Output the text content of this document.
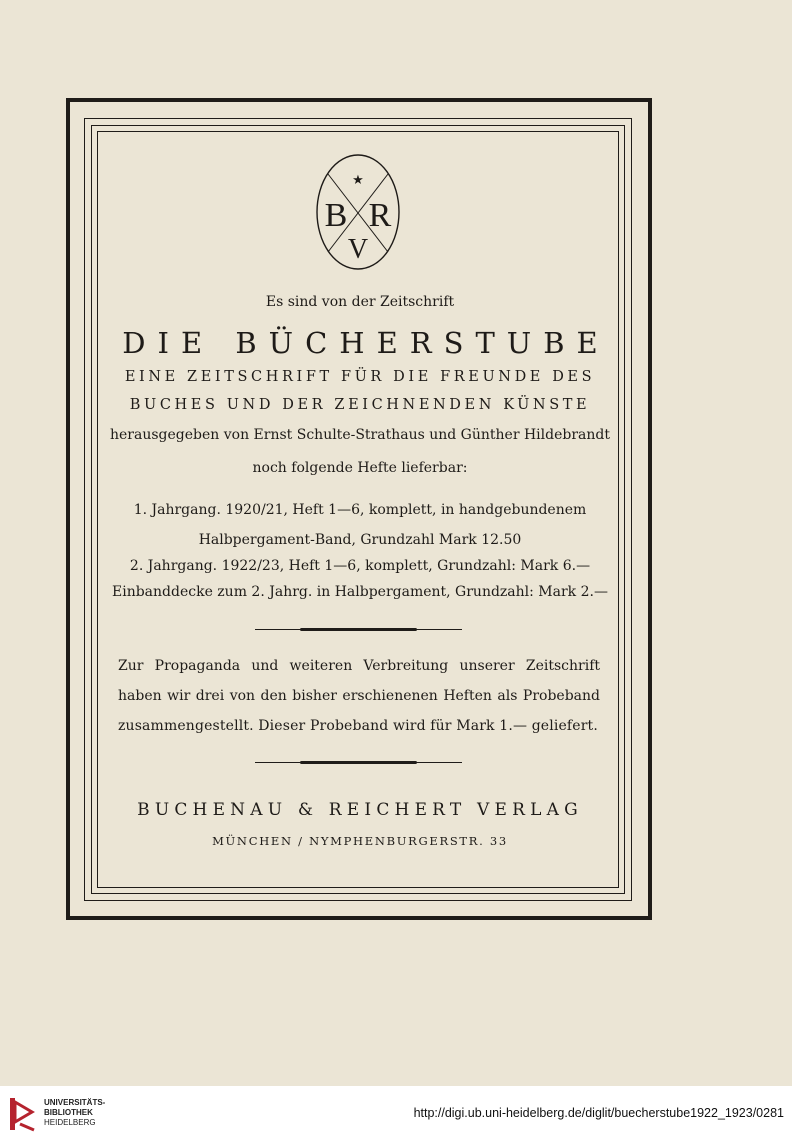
★
B R
V

Es sind von der Zeitschrift

DIE BÜCHERSTUBE

EINE ZEITSCHRIFT FÜR DIE FREUNDE DES

BUCHES UND DER ZEICHNENDEN KÜNSTE

herausgegeben von Ernst Schulte-Strathaus und Günther Hildebrandt

noch folgende Hefte lieferbar:

1. Jahrgang. 1920/21, Heft 1—6, komplett, in handgebundenem

Halbpergament-Band, Grundzahl Mark 12.50

2. Jahrgang. 1922/23, Heft 1—6, komplett, Grundzahl: Mark 6.—

Einbanddecke zum 2. Jahrg. in Halbpergament, Grundzahl: Mark 2.—

Zur Propaganda und weiteren Verbreitung unserer Zeitschrift

haben wir drei von den bisher erschienenen Heften als Probeband

zusammengestellt. Dieser Probeband wird für Mark 1.— geliefert.

BUCHENAU & REICHERT VERLAG

MÜNCHEN / NYMPHENBURGERSTR. 33

UNIVERSITÄTS-
BIBLIOTHEK
HEIDELBERG
http://digi.ub.uni-heidelberg.de/diglit/buecherstube1922_1923/0281
